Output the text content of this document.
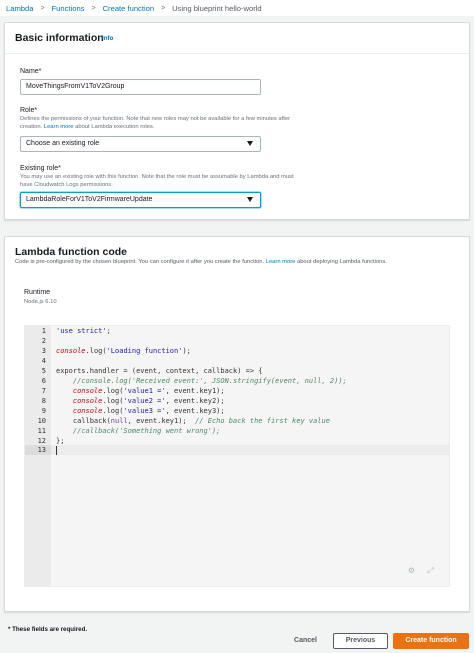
Lambda > Functions > Create function > Using blueprint hello-world
Basic information
Info
Name*
MoveThingsFromV1ToV2Group
Role*
Defines the permissions of your function. Note that new roles may not be available for a few minutes after
creation. Learn more about Lambda execution roles.
Choose an existing role
Existing role*
You may use an existing role with this function. Note that the role must be assumable by Lambda and must
have Cloudwatch Logs permissions.
LambdaRoleForV1ToV2FirmwareUpdate
Lambda function code
Code is pre-configured by the chosen blueprint. You can configure it after you create the function. Learn more about deploying Lambda functions.
Runtime
Node.js 6.10
1
2
3
4
5
6
7
8
9
10
11
12
13
'use strict';
console.log('Loading function');
exports.handler = (event, context, callback) => {
//console.log('Received event:', JSON.stringify(event, null, 2));
console.log('value1 =', event.key1);
console.log('value2 =', event.key2);
console.log('value3 =', event.key3);
callback(null, event.key1);  // Echo back the first key value
//callback('Something went wrong');
};
⚙ ⤢
* These fields are required.
Cancel	Previous	Create function
